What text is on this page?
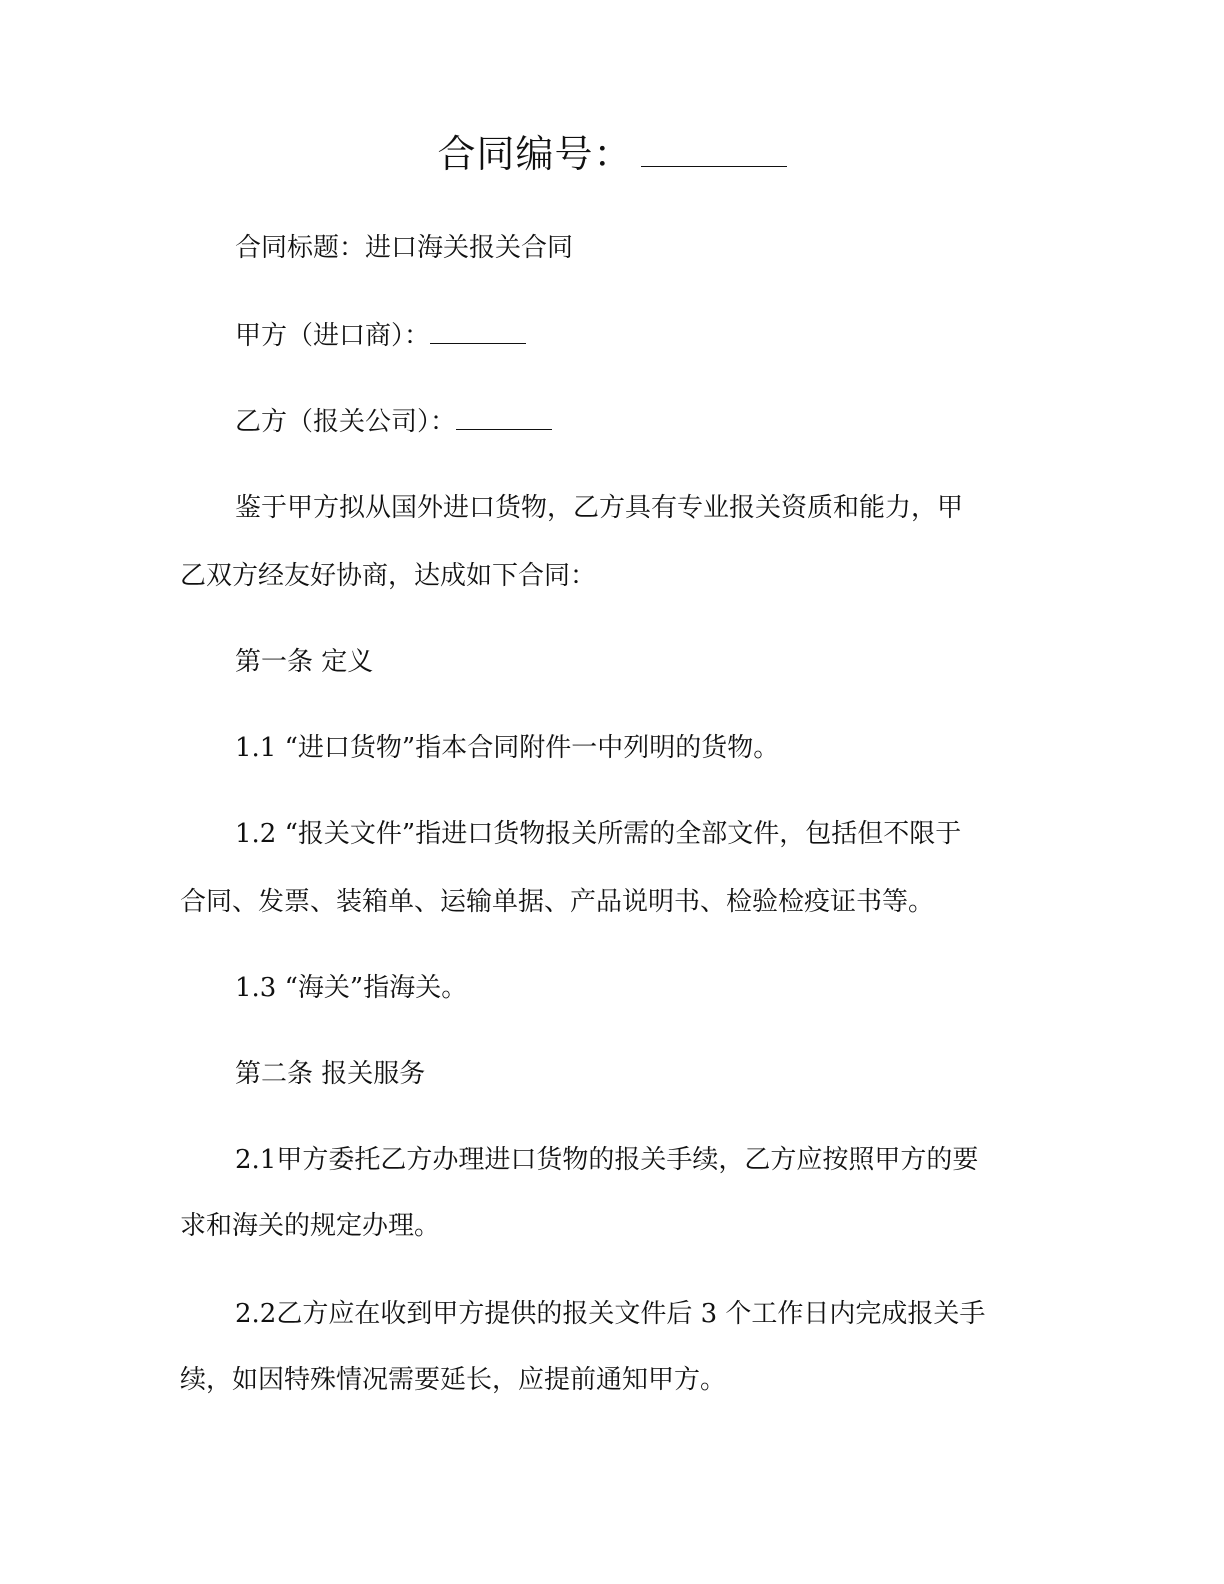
合同编号：
合同标题：进口海关报关合同
甲方（进口商）：
乙方（报关公司）：
鉴于甲方拟从国外进口货物，乙方具有专业报关资质和能力，甲
乙双方经友好协商，达成如下合同：
第一条 定义
1.1 “进口货物”指本合同附件一中列明的货物。
1.2 “报关文件”指进口货物报关所需的全部文件，包括但不限于
合同、发票、装箱单、运输单据、产品说明书、检验检疫证书等。
1.3 “海关”指海关。
第二条 报关服务
2.1甲方委托乙方办理进口货物的报关手续，乙方应按照甲方的要
求和海关的规定办理。
2.2乙方应在收到甲方提供的报关文件后 3 个工作日内完成报关手
续，如因特殊情况需要延长，应提前通知甲方。
